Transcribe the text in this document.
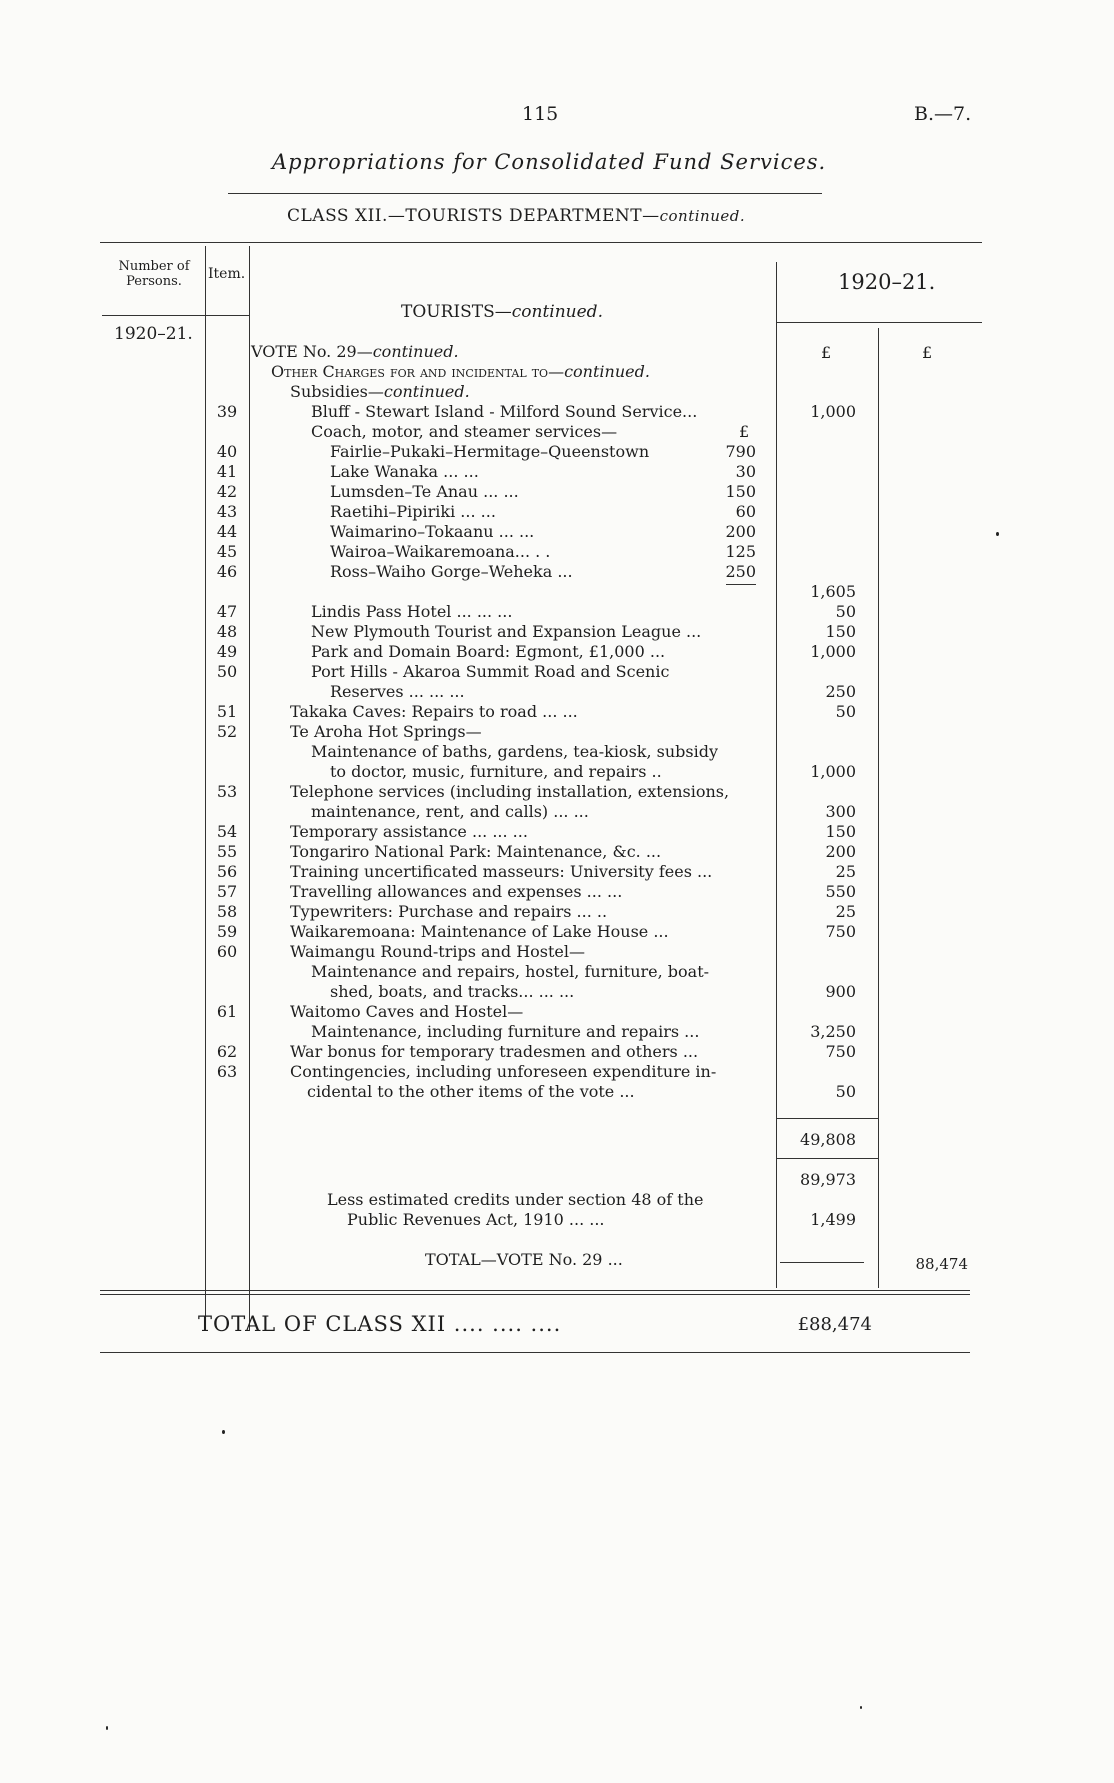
115	B.—7.
Appropriations for Consolidated Fund Services.
CLASS XII.—TOURISTS DEPARTMENT—continued.
Number of Persons.	Item.	1920–21.
1920–21.
£	£
TOURISTS—continued.
VOTE No. 29—continued.
Other Charges for and incidental to—continued.
Subsidies—continued.
39	Bluff - Stewart Island - Milford Sound Service...	1,000
Coach, motor, and steamer services—
40	Fairlie–Pukaki–Hermitage–Queenstown	790
41	Lake Wanaka ... ...	30
42	Lumsden–Te Anau ... ...	150
43	Raetihi–Pipiriki ... ...	60
44	Waimarino–Tokaanu ... ...	200
45	Wairoa–Waikaremoana... . .	125
46	Ross–Waiho Gorge–Weheka ...	250
1,605
47	Lindis Pass Hotel ... ... ...	50
48	New Plymouth Tourist and Expansion League ...	150
49	Park and Domain Board: Egmont, £1,000 ...	1,000
50	Port Hills - Akaroa Summit Road and Scenic
Reserves ... ... ...	250
51	Takaka Caves: Repairs to road ... ...	50
52	Te Aroha Hot Springs—
Maintenance of baths, gardens, tea-kiosk, subsidy
to doctor, music, furniture, and repairs ..	1,000
53	Telephone services (including installation, extensions,
maintenance, rent, and calls) ... ...	300
54	Temporary assistance ... ... ...	150
55	Tongariro National Park: Maintenance, &c. ...	200
56	Training uncertificated masseurs: University fees ...	25
57	Travelling allowances and expenses ... ...	550
58	Typewriters: Purchase and repairs ... ..	25
59	Waikaremoana: Maintenance of Lake House ...	750
60	Waimangu Round-trips and Hostel—
Maintenance and repairs, hostel, furniture, boat-
shed, boats, and tracks... ... ...	900
61	Waitomo Caves and Hostel—
Maintenance, including furniture and repairs ...	3,250
62	War bonus for temporary tradesmen and others ...	750
63	Contingencies, including unforeseen expenditure in-
cidental to the other items of the vote ...	50
£
49,808
89,973
Less estimated credits under section 48 of the
Public Revenues Act, 1910 ... ...	1,499
TOTAL—VOTE No. 29 ...	88,474
TOTAL OF CLASS XII .... .... ....	£88,474
